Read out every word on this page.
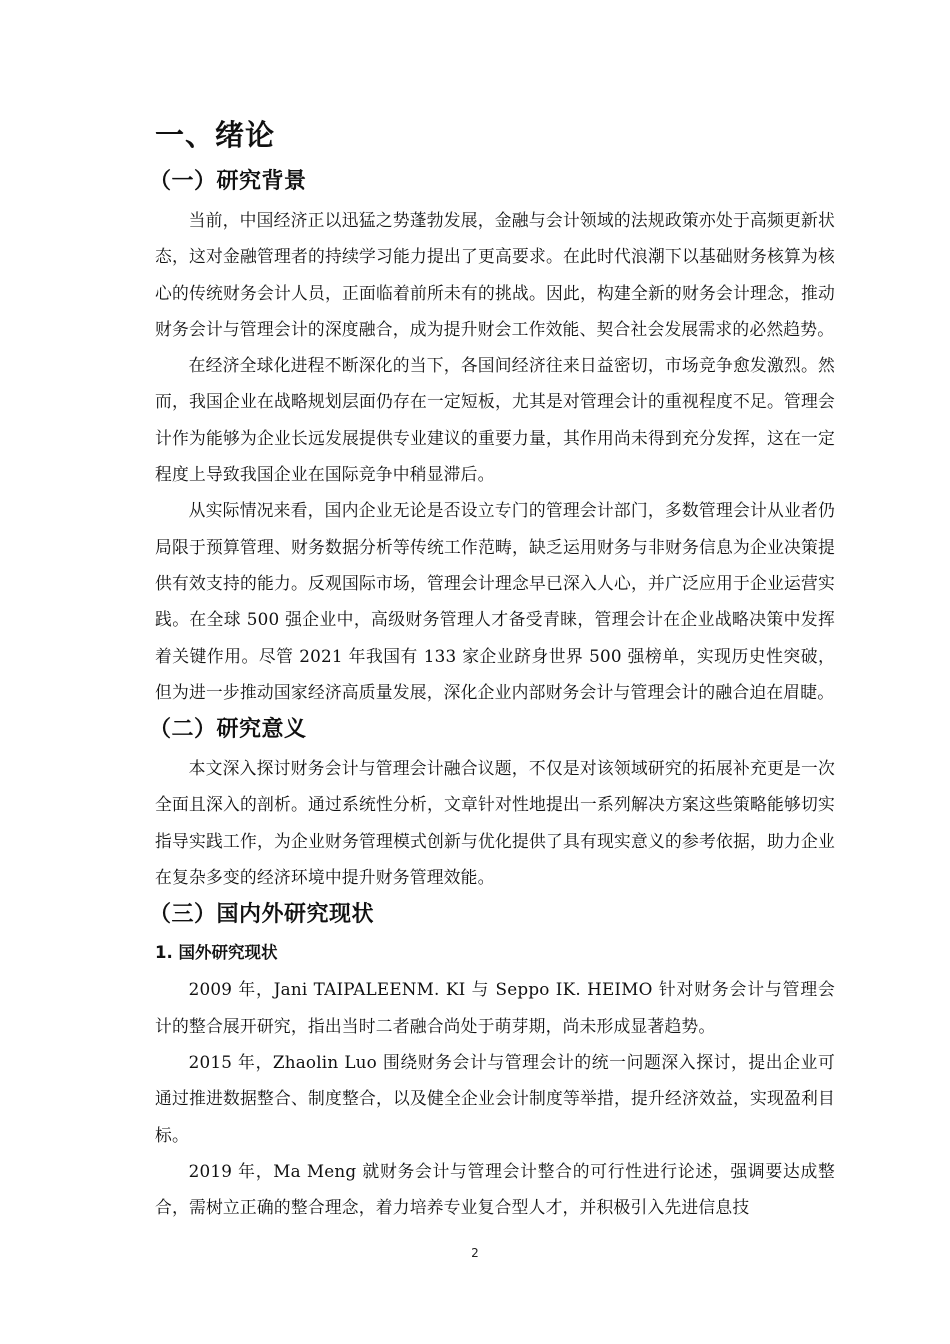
一、绪论
（一）研究背景

当前，中国经济正以迅猛之势蓬勃发展，金融与会计领域的法规政策亦处于高频更新状态，这对金融管理者的持续学习能力提出了更高要求。在此时代浪潮下以基础财务核算为核心的传统财务会计人员，正面临着前所未有的挑战。因此，构建全新的财务会计理念，推动财务会计与管理会计的深度融合，成为提升财会工作效能、契合社会发展需求的必然趋势。

在经济全球化进程不断深化的当下，各国间经济往来日益密切，市场竞争愈发激烈。然而，我国企业在战略规划层面仍存在一定短板，尤其是对管理会计的重视程度不足。管理会计作为能够为企业长远发展提供专业建议的重要力量，其作用尚未得到充分发挥，这在一定程度上导致我国企业在国际竞争中稍显滞后。

从实际情况来看，国内企业无论是否设立专门的管理会计部门，多数管理会计从业者仍局限于预算管理、财务数据分析等传统工作范畴，缺乏运用财务与非财务信息为企业决策提供有效支持的能力。反观国际市场，管理会计理念早已深入人心，并广泛应用于企业运营实践。在全球 500 强企业中，高级财务管理人才备受青睐，管理会计在企业战略决策中发挥着关键作用。尽管 2021 年我国有 133 家企业跻身世界 500 强榜单，实现历史性突破，但为进一步推动国家经济高质量发展，深化企业内部财务会计与管理会计的融合迫在眉睫。

（二）研究意义

本文深入探讨财务会计与管理会计融合议题，不仅是对该领域研究的拓展补充更是一次全面且深入的剖析。通过系统性分析，文章针对性地提出一系列解决方案这些策略能够切实指导实践工作，为企业财务管理模式创新与优化提供了具有现实意义的参考依据，助力企业在复杂多变的经济环境中提升财务管理效能。

（三）国内外研究现状
1. 国外研究现状

2009 年，Jani TAIPALEENM. KI 与 Seppo IK. HEIMO 针对财务会计与管理会计的整合展开研究，指出当时二者融合尚处于萌芽期，尚未形成显著趋势。

2015 年，Zhaolin Luo 围绕财务会计与管理会计的统一问题深入探讨，提出企业可通过推进数据整合、制度整合，以及健全企业会计制度等举措，提升经济效益，实现盈利目标。

2019 年，Ma Meng 就财务会计与管理会计整合的可行性进行论述，强调要达成整合，需树立正确的整合理念，着力培养专业复合型人才，并积极引入先进信息技

2
